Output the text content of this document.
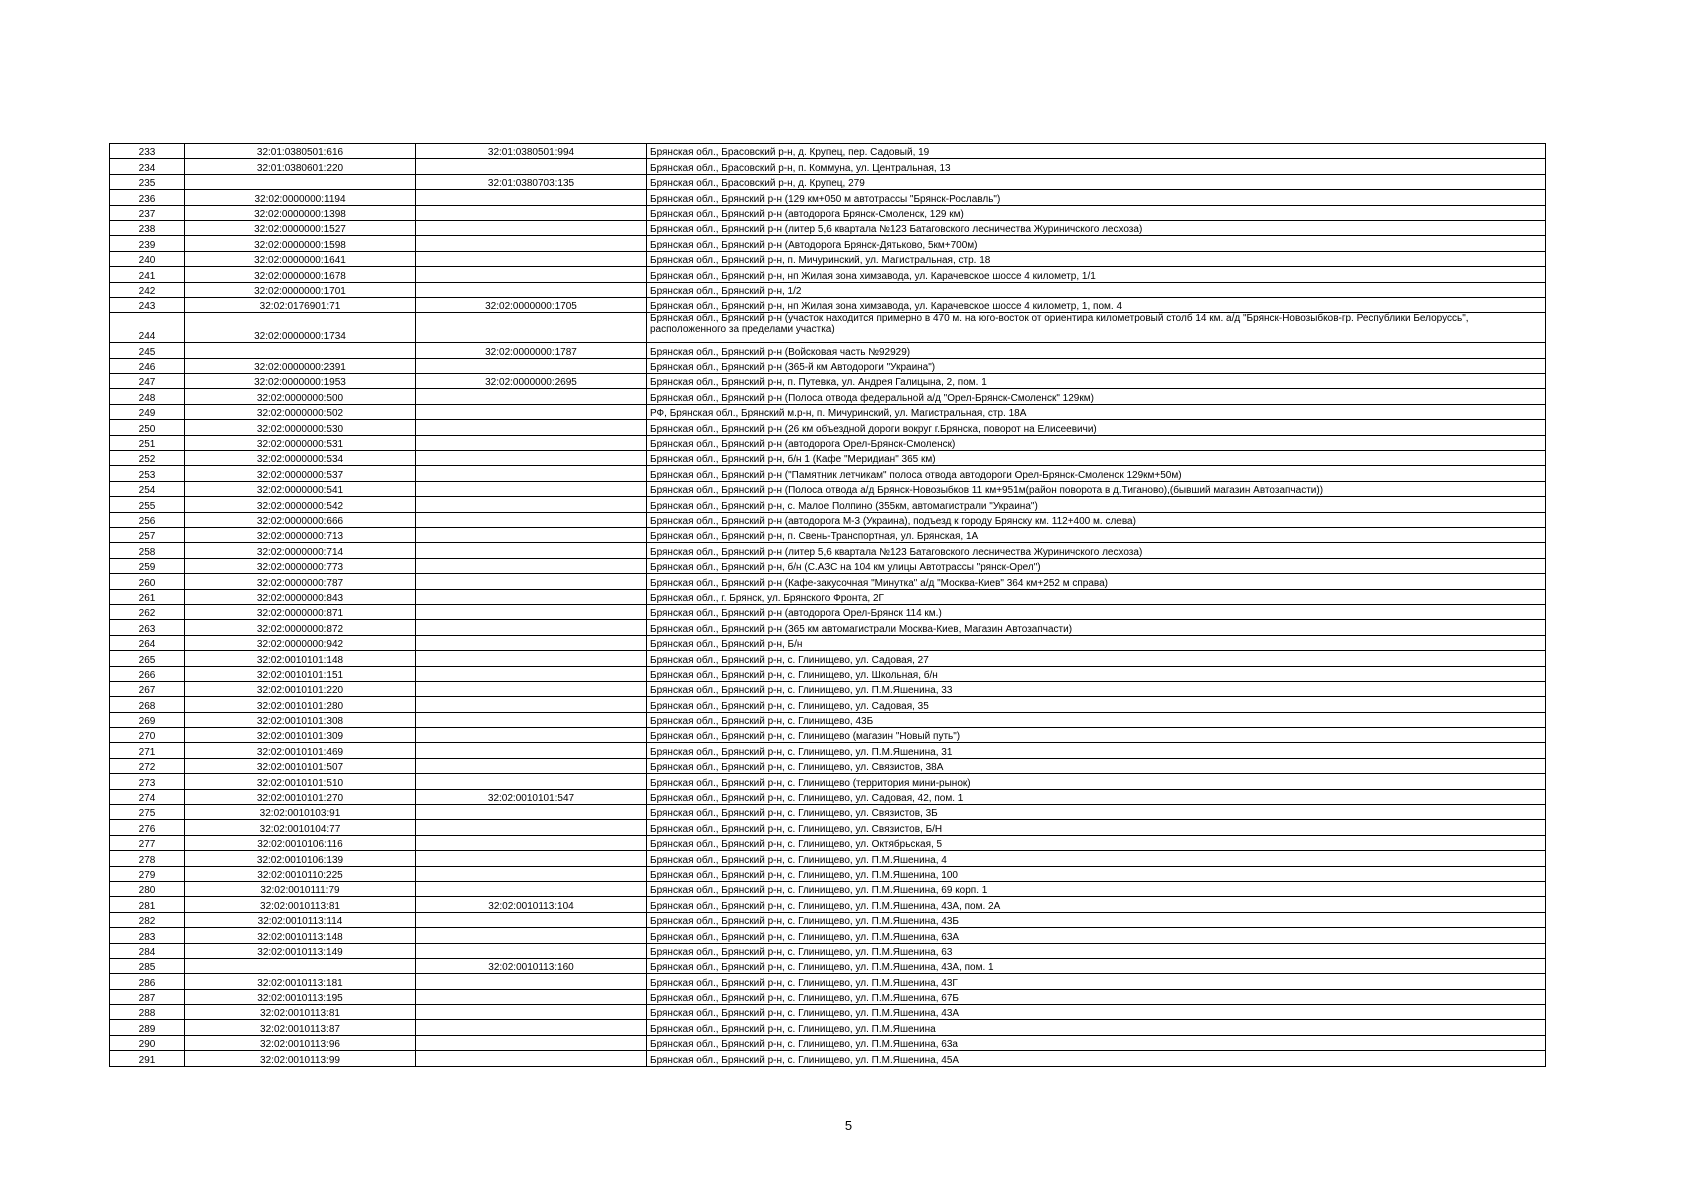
233	32:01:0380501:616	32:01:0380501:994	Брянская обл., Брасовский р-н, д. Крупец, пер. Садовый, 19
234	32:01:0380601:220		Брянская обл., Брасовский р-н, п. Коммуна, ул. Центральная, 13
235		32:01:0380703:135	Брянская обл., Брасовский р-н, д. Крупец, 279
236	32:02:0000000:1194		Брянская обл., Брянский р-н (129 км+050 м автотрассы "Брянск-Рославль")
237	32:02:0000000:1398		Брянская обл., Брянский р-н (автодорога Брянск-Смоленск, 129 км)
238	32:02:0000000:1527		Брянская обл., Брянский р-н (литер 5,6 квартала №123 Батаговского лесничества Журиничского лесхоза)
239	32:02:0000000:1598		Брянская обл., Брянский р-н (Автодорога Брянск-Дятьково, 5км+700м)
240	32:02:0000000:1641		Брянская обл., Брянский р-н, п. Мичуринский, ул. Магистральная, стр. 18
241	32:02:0000000:1678		Брянская обл., Брянский р-н, нп Жилая зона химзавода, ул. Карачевское шоссе 4 километр, 1/1
242	32:02:0000000:1701		Брянская обл., Брянский р-н, 1/2
243	32:02:0176901:71	32:02:0000000:1705	Брянская обл., Брянский р-н, нп Жилая зона химзавода, ул. Карачевское шоссе 4 километр, 1, пом. 4
244	32:02:0000000:1734		Брянская обл., Брянский р-н (участок находится примерно в 470 м. на юго-восток от ориентира километровый столб 14 км. а/д "Брянск-Новозыбков-гр. Республики Белоруссь", расположенного за пределами участка)
245		32:02:0000000:1787	Брянская обл., Брянский р-н (Войсковая часть №92929)
246	32:02:0000000:2391		Брянская обл., Брянский р-н (365-й км Автодороги "Украина")
247	32:02:0000000:1953	32:02:0000000:2695	Брянская обл., Брянский р-н, п. Путевка, ул. Андрея Галицына, 2, пом. 1
248	32:02:0000000:500		Брянская обл., Брянский р-н (Полоса отвода федеральной а/д "Орел-Брянск-Смоленск" 129км)
249	32:02:0000000:502		РФ, Брянская обл., Брянский м.р-н, п. Мичуринский, ул. Магистральная, стр. 18А
250	32:02:0000000:530		Брянская обл., Брянский р-н (26 км объездной дороги вокруг г.Брянска, поворот на Елисеевичи)
251	32:02:0000000:531		Брянская обл., Брянский р-н (автодорога Орел-Брянск-Смоленск)
252	32:02:0000000:534		Брянская обл., Брянский р-н, б/н 1 (Кафе "Меридиан" 365 км)
253	32:02:0000000:537		Брянская обл., Брянский р-н ("Памятник летчикам" полоса отвода автодороги Орел-Брянск-Смоленск 129км+50м)
254	32:02:0000000:541		Брянская обл., Брянский р-н (Полоса отвода а/д Брянск-Новозыбков 11 км+951м(район поворота в д.Тиганово),(бывший магазин Автозапчасти))
255	32:02:0000000:542		Брянская обл., Брянский р-н, с. Малое Полпино (355км, автомагистрали "Украина")
256	32:02:0000000:666		Брянская обл., Брянский р-н (автодорога М-3 (Украина), подъезд к городу Брянску км. 112+400 м. слева)
257	32:02:0000000:713		Брянская обл., Брянский р-н, п. Свень-Транспортная, ул. Брянская, 1А
258	32:02:0000000:714		Брянская обл., Брянский р-н (литер 5,6 квартала №123 Батаговского лесничества Журиничского лесхоза)
259	32:02:0000000:773		Брянская обл., Брянский р-н, б/н (С.АЗС на 104 км улицы Автотрассы "рянск-Орел")
260	32:02:0000000:787		Брянская обл., Брянский р-н (Кафе-закусочная "Минутка" а/д "Москва-Киев" 364 км+252 м справа)
261	32:02:0000000:843		Брянская обл., г. Брянск, ул. Брянского Фронта, 2Г
262	32:02:0000000:871		Брянская обл., Брянский р-н (автодорога Орел-Брянск 114 км.)
263	32:02:0000000:872		Брянская обл., Брянский р-н (365 км автомагистрали Москва-Киев, Магазин Автозапчасти)
264	32:02:0000000:942		Брянская обл., Брянский р-н, Б/н
265	32:02:0010101:148		Брянская обл., Брянский р-н, с. Глинищево, ул. Садовая, 27
266	32:02:0010101:151		Брянская обл., Брянский р-н, с. Глинищево, ул. Школьная, б/н
267	32:02:0010101:220		Брянская обл., Брянский р-н, с. Глинищево, ул. П.М.Яшенина, 33
268	32:02:0010101:280		Брянская обл., Брянский р-н, с. Глинищево, ул. Садовая, 35
269	32:02:0010101:308		Брянская обл., Брянский р-н, с. Глинищево, 43Б
270	32:02:0010101:309		Брянская обл., Брянский р-н, с. Глинищево (магазин "Новый путь")
271	32:02:0010101:469		Брянская обл., Брянский р-н, с. Глинищево, ул. П.М.Яшенина, 31
272	32:02:0010101:507		Брянская обл., Брянский р-н, с. Глинищево, ул. Связистов, 38А
273	32:02:0010101:510		Брянская обл., Брянский р-н, с. Глинищево (территория мини-рынок)
274	32:02:0010101:270	32:02:0010101:547	Брянская обл., Брянский р-н, с. Глинищево, ул. Садовая, 42, пом. 1
275	32:02:0010103:91		Брянская обл., Брянский р-н, с. Глинищево, ул. Связистов, 3Б
276	32:02:0010104:77		Брянская обл., Брянский р-н, с. Глинищево, ул. Связистов, Б/Н
277	32:02:0010106:116		Брянская обл., Брянский р-н, с. Глинищево, ул. Октябрьская, 5
278	32:02:0010106:139		Брянская обл., Брянский р-н, с. Глинищево, ул. П.М.Яшенина, 4
279	32:02:0010110:225		Брянская обл., Брянский р-н, с. Глинищево, ул. П.М.Яшенина, 100
280	32:02:0010111:79		Брянская обл., Брянский р-н, с. Глинищево, ул. П.М.Яшенина, 69 корп. 1
281	32:02:0010113:81	32:02:0010113:104	Брянская обл., Брянский р-н, с. Глинищево, ул. П.М.Яшенина, 43А, пом. 2А
282	32:02:0010113:114		Брянская обл., Брянский р-н, с. Глинищево, ул. П.М.Яшенина, 43Б
283	32:02:0010113:148		Брянская обл., Брянский р-н, с. Глинищево, ул. П.М.Яшенина, 63А
284	32:02:0010113:149		Брянская обл., Брянский р-н, с. Глинищево, ул. П.М.Яшенина, 63
285		32:02:0010113:160	Брянская обл., Брянский р-н, с. Глинищево, ул. П.М.Яшенина, 43А, пом. 1
286	32:02:0010113:181		Брянская обл., Брянский р-н, с. Глинищево, ул. П.М.Яшенина, 43Г
287	32:02:0010113:195		Брянская обл., Брянский р-н, с. Глинищево, ул. П.М.Яшенина, 67Б
288	32:02:0010113:81		Брянская обл., Брянский р-н, с. Глинищево, ул. П.М.Яшенина, 43А
289	32:02:0010113:87		Брянская обл., Брянский р-н, с. Глинищево, ул. П.М.Яшенина
290	32:02:0010113:96		Брянская обл., Брянский р-н, с. Глинищево, ул. П.М.Яшенина, 63а
291	32:02:0010113:99		Брянская обл., Брянский р-н, с. Глинищево, ул. П.М.Яшенина, 45А
5
